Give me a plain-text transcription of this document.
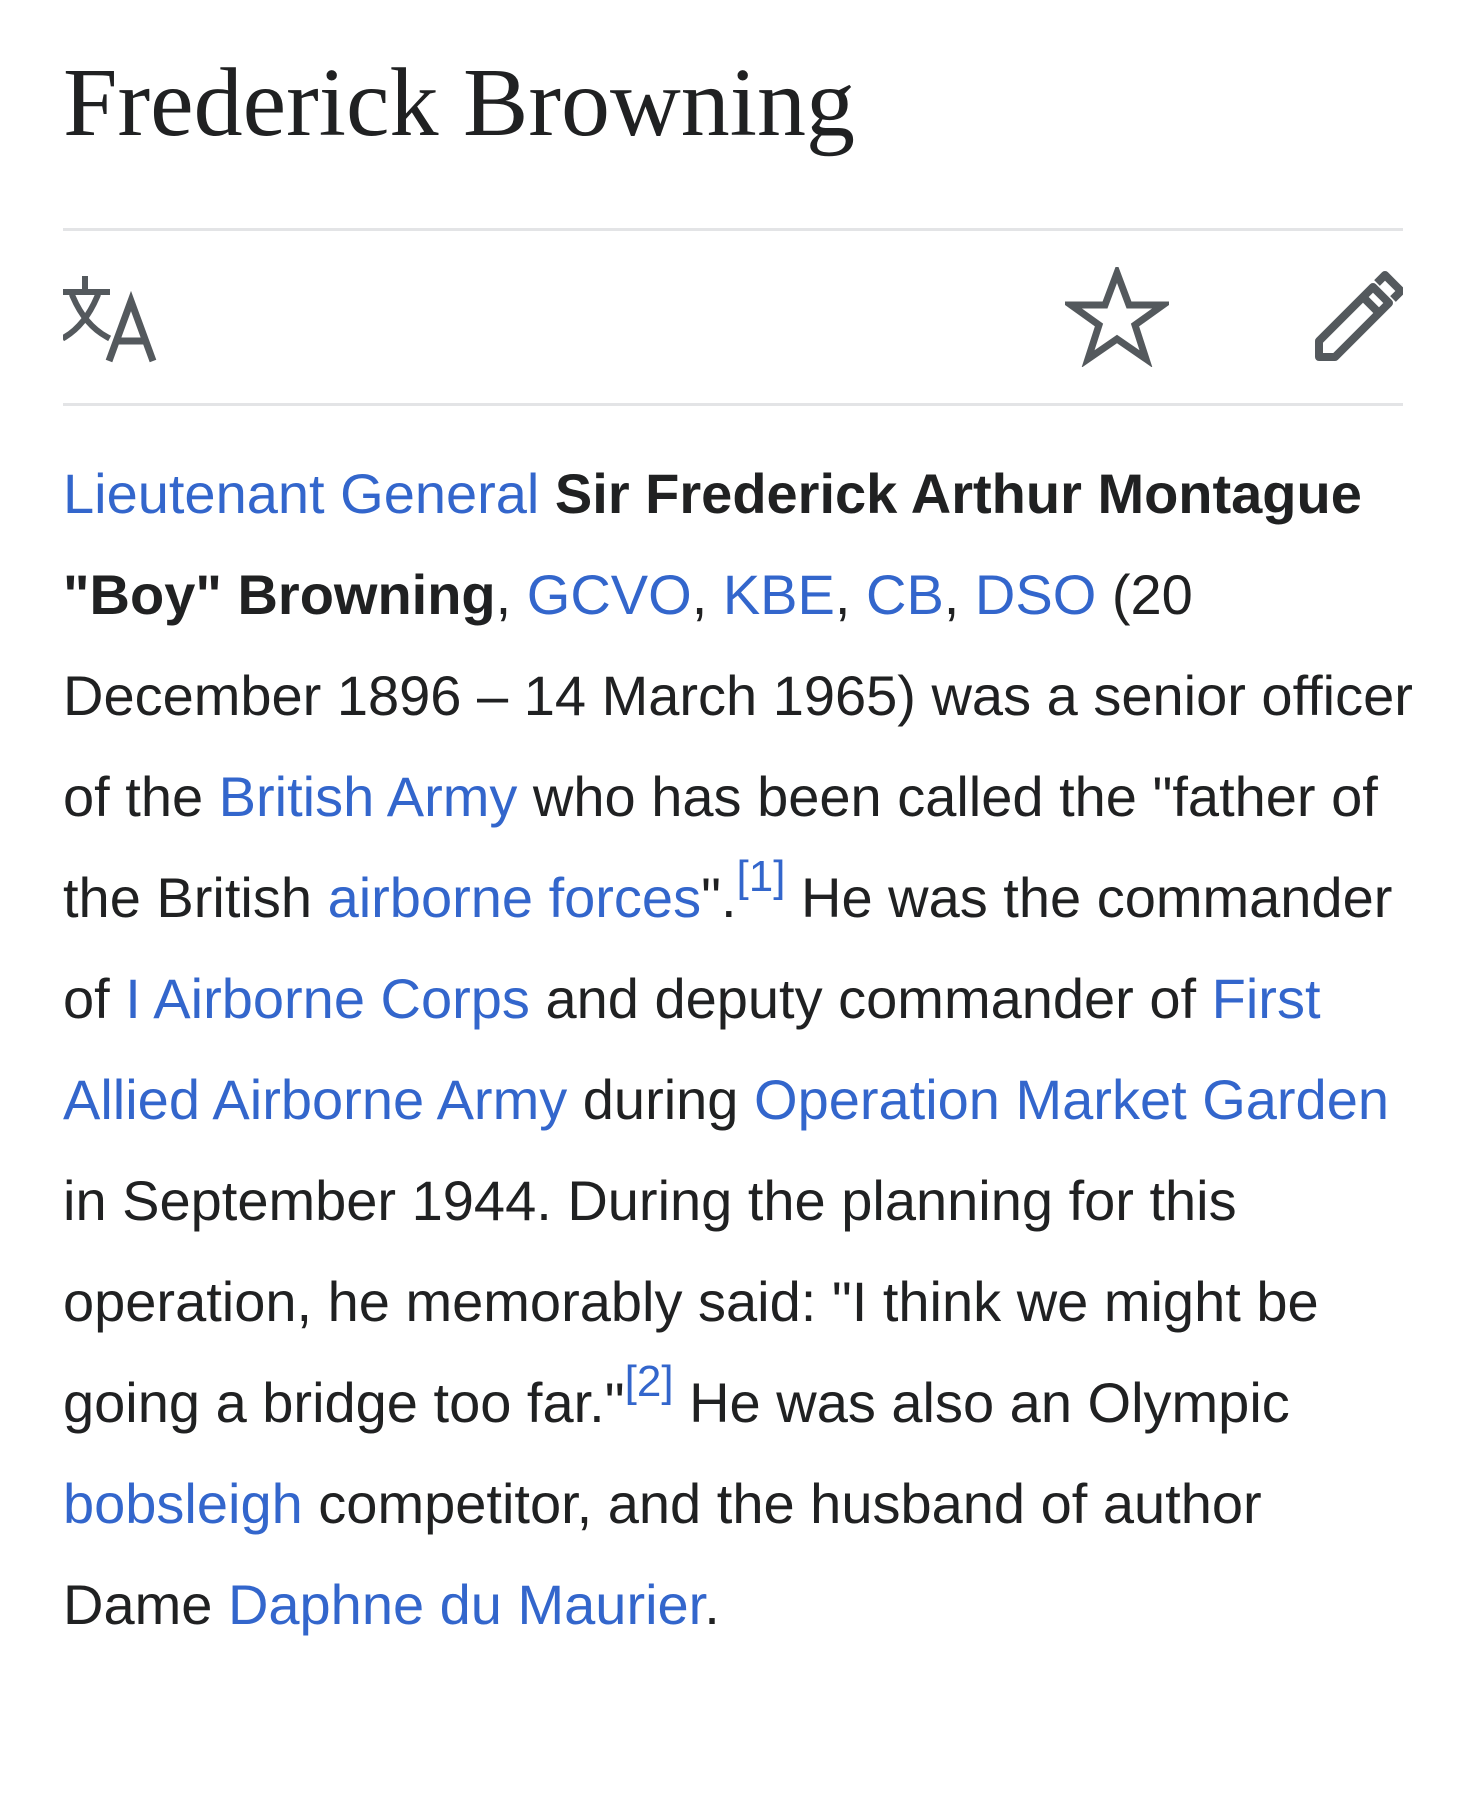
Frederick Browning

Lieutenant General Sir Frederick Arthur Montague "Boy" Browning, GCVO, KBE, CB, DSO (20 December 1896 – 14 March 1965) was a senior officer of the British Army who has been called the "father of the British airborne forces".[1] He was the commander of I Airborne Corps and deputy commander of First Allied Airborne Army during Operation Market Garden in September 1944. During the planning for this operation, he memorably said: "I think we might be going a bridge too far."[2] He was also an Olympic bobsleigh competitor, and the husband of author Dame Daphne du Maurier.
